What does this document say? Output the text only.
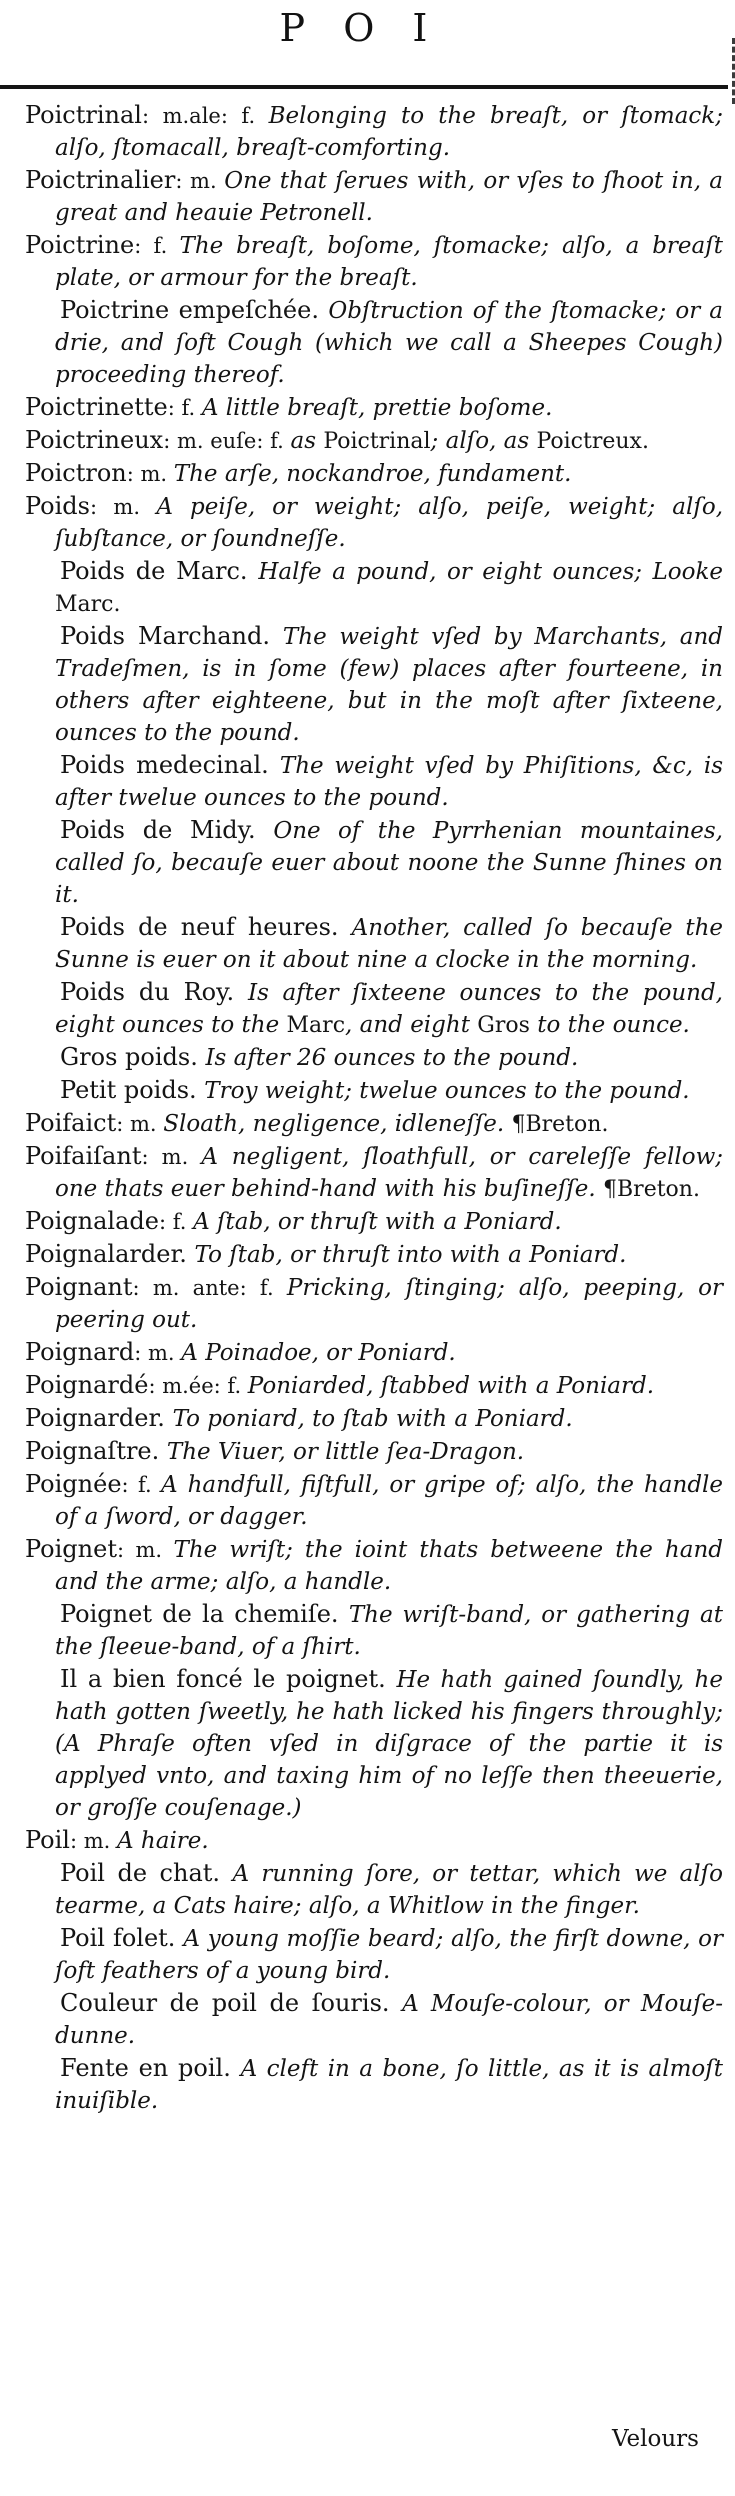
P O I
Poictrinal: m.ale: f. Belonging to the breaſt, or ſtomack; alſo, ſtomacall, breaſt-comforting.
Poictrinalier: m. One that ſerues with, or vſes to ſhoot in, a great and heauie Petronell.
Poictrine: f. The breaſt, boſome, ſtomacke; alſo, a breaſt plate, or armour for the breaſt.
Poictrine empeſchée. Obſtruction of the ſtomacke; or a drie, and ſoft Cough (which we call a Sheepes Cough) proceeding thereof.
Poictrinette: f. A little breaſt, prettie boſome.
Poictrineux: m. euſe: f. as Poictrinal; alſo, as Poictreux.
Poictron: m. The arſe, nockandroe, fundament.
Poids: m. A peiſe, or weight; alſo, peiſe, weight; alſo, ſubſtance, or ſoundneſſe.
Poids de Marc. Halfe a pound, or eight ounces; Looke Marc.
Poids Marchand. The weight vſed by Marchants, and Tradeſmen, is in ſome (few) places after fourteene, in others after eighteene, but in the moſt after ſixteene, ounces to the pound.
Poids medecinal. The weight vſed by Phiſitions, &c, is after twelue ounces to the pound.
Poids de Midy. One of the Pyrrhenian mountaines, called ſo, becauſe euer about noone the Sunne ſhines on it.
Poids de neuf heures. Another, called ſo becauſe the Sunne is euer on it about nine a clocke in the morning.
Poids du Roy. Is after ſixteene ounces to the pound, eight ounces to the Marc, and eight Gros to the ounce.
Gros poids. Is after 26 ounces to the pound.
Petit poids. Troy weight; twelue ounces to the pound.
Poifaict: m. Sloath, negligence, idleneſſe. ¶Breton.
Poifaiſant: m. A negligent, ſloathfull, or careleſſe fellow; one thats euer behind-hand with his buſineſſe. ¶Breton.
Poignalade: f. A ſtab, or thruſt with a Poniard.
Poignalarder. To ſtab, or thruſt into with a Poniard.
Poignant: m. ante: f. Pricking, ſtinging; alſo, peeping, or peering out.
Poignard: m. A Poinadoe, or Poniard.
Poignardé: m.ée: f. Poniarded, ſtabbed with a Poniard.
Poignarder. To poniard, to ſtab with a Poniard.
Poignaſtre. The Viuer, or little ſea-Dragon.
Poignée: f. A handfull, fiſtfull, or gripe of; alſo, the handle of a ſword, or dagger.
Poignet: m. The wriſt; the ioint thats betweene the hand and the arme; alſo, a handle.
Poignet de la chemiſe. The wriſt-band, or gathering at the ſleeue-band, of a ſhirt.
Il a bien foncé le poignet. He hath gained ſoundly, he hath gotten ſweetly, he hath licked his fingers throughly; (A Phraſe often vſed in diſgrace of the partie it is applyed vnto, and taxing him of no leſſe then theeuerie, or groſſe couſenage.)
Poil: m. A haire.
Poil de chat. A running ſore, or tettar, which we alſo tearme, a Cats haire; alſo, a Whitlow in the finger.
Poil folet. A young moſſie beard; alſo, the firſt downe, or ſoft feathers of a young bird.
Couleur de poil de ſouris. A Mouſe-colour, or Mouſe-dunne.
Fente en poil. A cleft in a bone, ſo little, as it is almoſt inuiſible.
Velours
